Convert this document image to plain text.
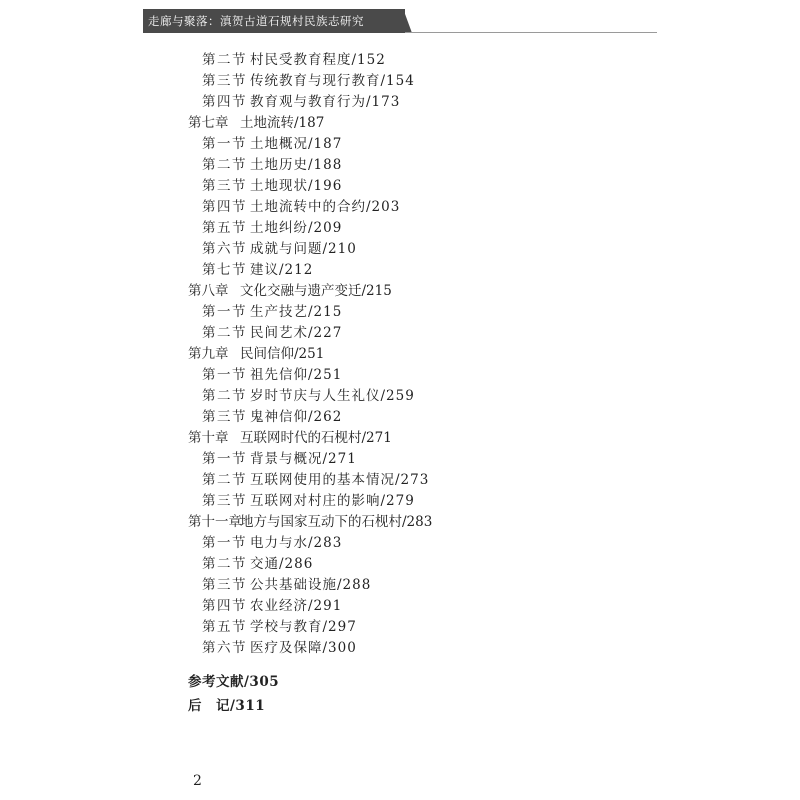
走廊与聚落：滇贺古道石规村民族志研究
第二节 村民受教育程度/152
第三节 传统教育与现行教育/154
第四节 教育观与教育行为/173
第七章 土地流转/187
第一节 土地概况/187
第二节 土地历史/188
第三节 土地现状/196
第四节 土地流转中的合约/203
第五节 土地纠纷/209
第六节 成就与问题/210
第七节 建议/212
第八章 文化交融与遗产变迁/215
第一节 生产技艺/215
第二节 民间艺术/227
第九章 民间信仰/251
第一节 祖先信仰/251
第二节 岁时节庆与人生礼仪/259
第三节 鬼神信仰/262
第十章 互联网时代的石枧村/271
第一节 背景与概况/271
第二节 互联网使用的基本情况/273
第三节 互联网对村庄的影响/279
第十一章
地方与国家互动下的石枧村/283
第一节 电力与水/283
第二节 交通/286
第三节 公共基础设施/288
第四节 农业经济/291
第五节 学校与教育/297
第六节 医疗及保障/300
参考文献/305
后　记/311
2
